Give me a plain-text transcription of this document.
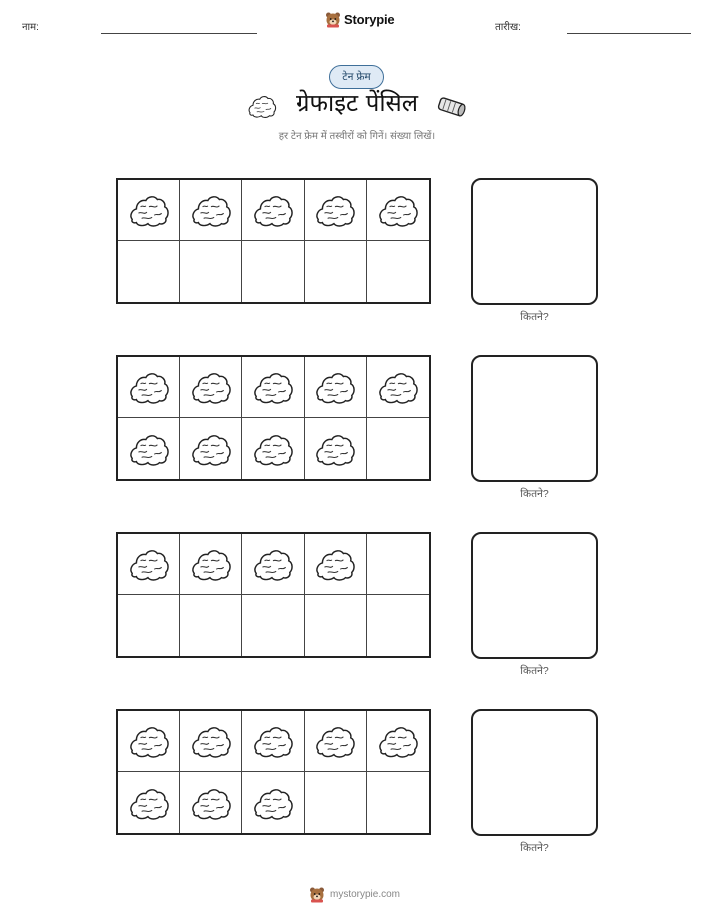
नाम:
Storypie
तारीख:
टेन फ्रेम
ग्रेफाइट पेंसिल
हर टेन फ्रेम में तस्वीरों को गिनें। संख्या लिखें।
कितने?
कितने?
कितने?
कितने?
mystorypie.com
